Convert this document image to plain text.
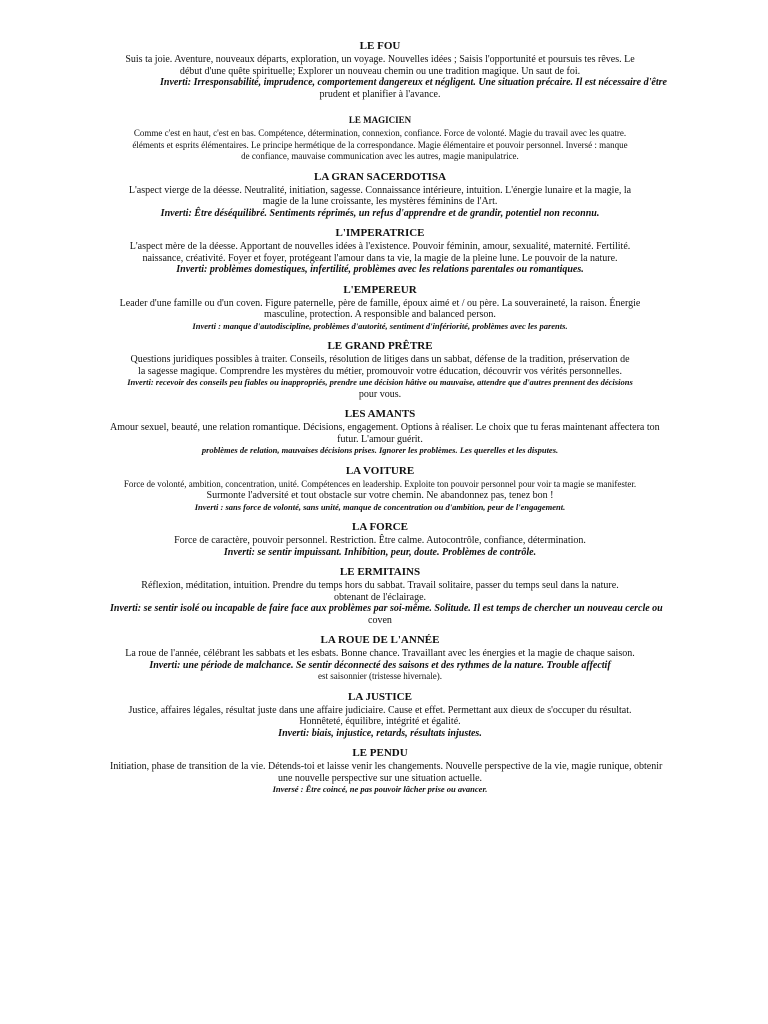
LE FOU
Suis ta joie. Aventure, nouveaux départs, exploration, un voyage. Nouvelles idées ; Saisis l'opportunité et poursuis tes rêves. Le
début d'une quête spirituelle; Explorer un nouveau chemin ou une tradition magique. Un saut de foi.
Inverti: Irresponsabilité, imprudence, comportement dangereux et négligent. Une situation précaire. Il est nécessaire d'être
prudent et planifier à l'avance.
LE MAGICIEN
Comme c'est en haut, c'est en bas. Compétence, détermination, connexion, confiance. Force de volonté. Magie du travail avec les quatre.
éléments et esprits élémentaires. Le principe hermétique de la correspondance. Magie élémentaire et pouvoir personnel. Inversé : manque
de confiance, mauvaise communication avec les autres, magie manipulatrice.
LA GRAN SACERDOTISA
L'aspect vierge de la déesse. Neutralité, initiation, sagesse. Connaissance intérieure, intuition. L'énergie lunaire et la magie, la
magie de la lune croissante, les mystères féminins de l'Art.
Inverti: Être déséquilibré. Sentiments réprimés, un refus d'apprendre et de grandir, potentiel non reconnu.
L'IMPERATRICE
L'aspect mère de la déesse. Apportant de nouvelles idées à l'existence. Pouvoir féminin, amour, sexualité, maternité. Fertilité.
naissance, créativité. Foyer et foyer, protégeant l'amour dans ta vie, la magie de la pleine lune. Le pouvoir de la nature.
Inverti: problèmes domestiques, infertilité, problèmes avec les relations parentales ou romantiques.
L'EMPEREUR
Leader d'une famille ou d'un coven. Figure paternelle, père de famille, époux aimé et / ou père. La souveraineté, la raison. Énergie
masculine, protection. A responsible and balanced person.
Inverti : manque d'autodiscipline, problèmes d'autorité, sentiment d'infériorité, problèmes avec les parents.
LE GRAND PRÊTRE
Questions juridiques possibles à traiter. Conseils, résolution de litiges dans un sabbat, défense de la tradition, préservation de
la sagesse magique. Comprendre les mystères du métier, promouvoir votre éducation, découvrir vos vérités personnelles.
Inverti: recevoir des conseils peu fiables ou inappropriés, prendre une décision hâtive ou mauvaise, attendre que d'autres prennent des décisions
pour vous.
LES AMANTS
Amour sexuel, beauté, une relation romantique. Décisions, engagement. Options à réaliser. Le choix que tu feras maintenant affectera ton
futur. L'amour guérit.
problèmes de relation, mauvaises décisions prises. Ignorer les problèmes. Les querelles et les disputes.
LA VOITURE
Force de volonté, ambition, concentration, unité. Compétences en leadership. Exploite ton pouvoir personnel pour voir ta magie se manifester.
Surmonte l'adversité et tout obstacle sur votre chemin. Ne abandonnez pas, tenez bon !
Inverti : sans force de volonté, sans unité, manque de concentration ou d'ambition, peur de l'engagement.
LA FORCE
Force de caractère, pouvoir personnel. Restriction. Être calme. Autocontrôle, confiance, détermination.
Inverti: se sentir impuissant. Inhibition, peur, doute. Problèmes de contrôle.
LE ERMITAINS
Réflexion, méditation, intuition. Prendre du temps hors du sabbat. Travail solitaire, passer du temps seul dans la nature.
obtenant de l'éclairage.
Inverti: se sentir isolé ou incapable de faire face aux problèmes par soi-même. Solitude. Il est temps de chercher un nouveau cercle ou
coven
LA ROUE DE L'ANNÉE
La roue de l'année, célébrant les sabbats et les esbats. Bonne chance. Travaillant avec les énergies et la magie de chaque saison.
Inverti: une période de malchance. Se sentir déconnecté des saisons et des rythmes de la nature. Trouble affectif
est saisonnier (tristesse hivernale).
LA JUSTICE
Justice, affaires légales, résultat juste dans une affaire judiciaire. Cause et effet. Permettant aux dieux de s'occuper du résultat.
Honnêteté, équilibre, intégrité et égalité.
Inverti: biais, injustice, retards, résultats injustes.
LE PENDU
Initiation, phase de transition de la vie. Détends-toi et laisse venir les changements. Nouvelle perspective de la vie, magie runique, obtenir
une nouvelle perspective sur une situation actuelle.
Inversé : Être coincé, ne pas pouvoir lâcher prise ou avancer.
